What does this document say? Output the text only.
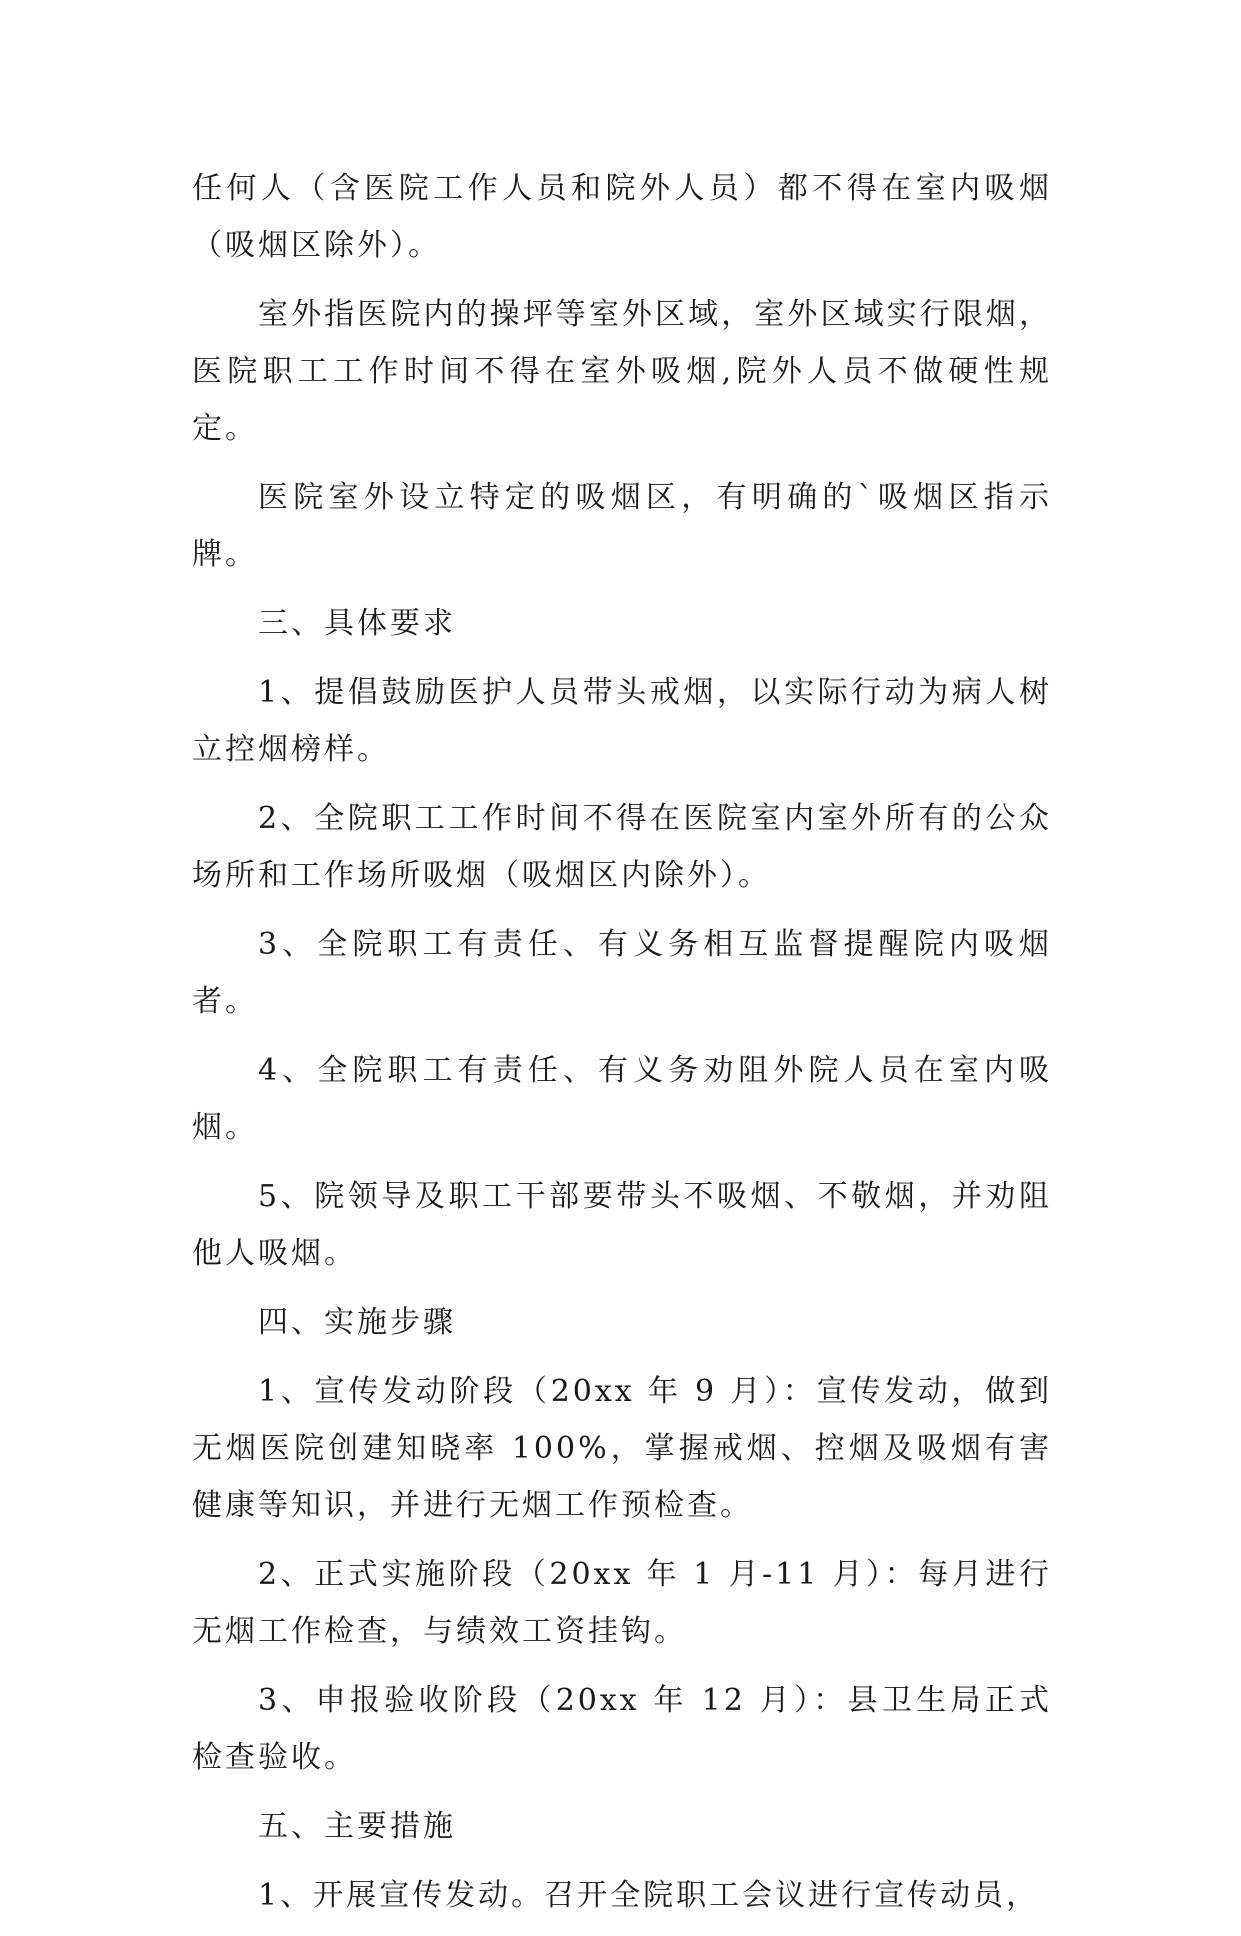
任何人（含医院工作人员和院外人员）都不得在室内吸烟（吸烟区除外）。

室外指医院内的操坪等室外区域，室外区域实行限烟，医院职工工作时间不得在室外吸烟,院外人员不做硬性规定。

医院室外设立特定的吸烟区，有明确的`吸烟区指示牌。

三、具体要求

1、提倡鼓励医护人员带头戒烟，以实际行动为病人树立控烟榜样。

2、全院职工工作时间不得在医院室内室外所有的公众场所和工作场所吸烟（吸烟区内除外）。

3、全院职工有责任、有义务相互监督提醒院内吸烟者。

4、全院职工有责任、有义务劝阻外院人员在室内吸烟。

5、院领导及职工干部要带头不吸烟、不敬烟，并劝阻他人吸烟。

四、实施步骤

1、宣传发动阶段（20xx 年 9 月）：宣传发动，做到无烟医院创建知晓率 100%，掌握戒烟、控烟及吸烟有害健康等知识，并进行无烟工作预检查。

2、正式实施阶段（20xx 年 1 月-11 月）：每月进行无烟工作检查，与绩效工资挂钩。

3、申报验收阶段（20xx 年 12 月）：县卫生局正式检查验收。

五、主要措施

1、开展宣传发动。召开全院职工会议进行宣传动员，
